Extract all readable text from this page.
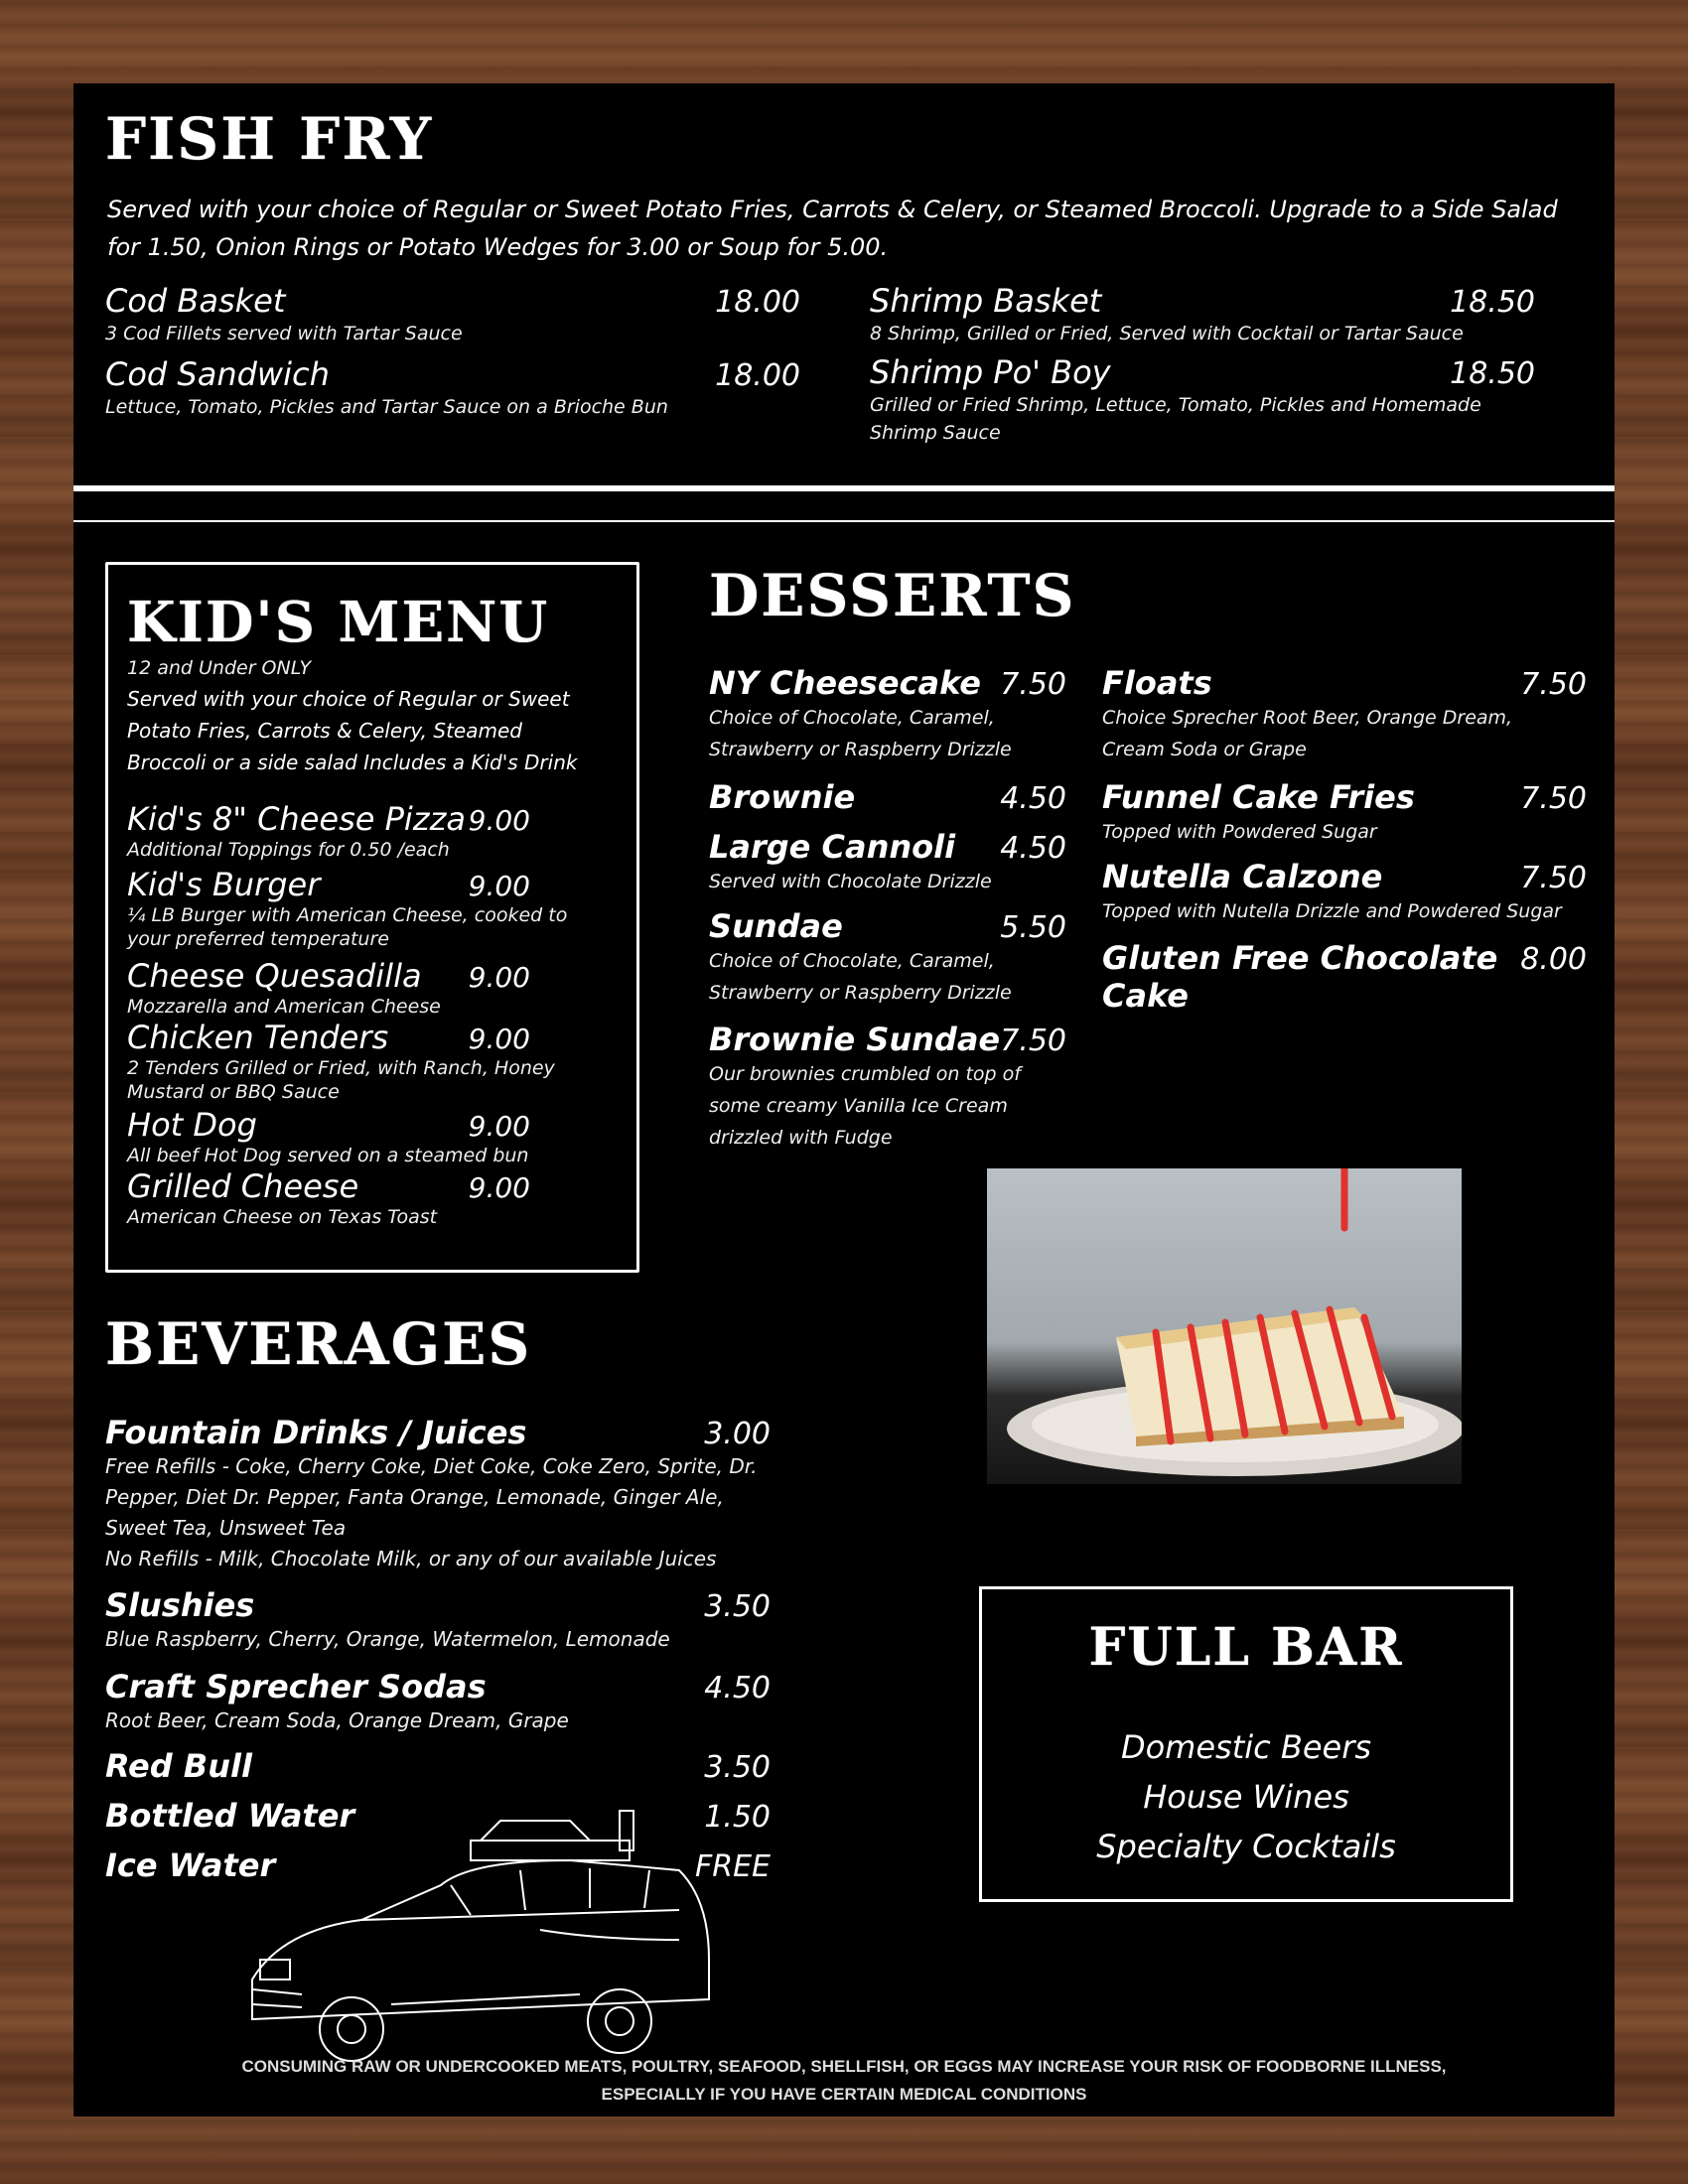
FISH FRY
Served with your choice of Regular or Sweet Potato Fries, Carrots & Celery, or Steamed Broccoli. Upgrade to a Side Salad for 1.50, Onion Rings or Potato Wedges for 3.00 or Soup for 5.00.
Cod Basket	18.00
3 Cod Fillets served with Tartar Sauce
Cod Sandwich	18.00
Lettuce, Tomato, Pickles and Tartar Sauce on a Brioche Bun
Shrimp Basket	18.50
8 Shrimp, Grilled or Fried, Served with Cocktail or Tartar Sauce
Shrimp Po' Boy	18.50
Grilled or Fried Shrimp, Lettuce, Tomato, Pickles and Homemade Shrimp Sauce
KID'S MENU
12 and Under ONLY
Served with your choice of Regular or Sweet Potato Fries, Carrots & Celery, Steamed Broccoli or a side salad Includes a Kid's Drink
Kid's 8" Cheese Pizza 9.00
Additional Toppings for 0.50 /each
Kid's Burger	9.00
¼ LB Burger with American Cheese, cooked to your preferred temperature
Cheese Quesadilla 9.00
Mozzarella and American Cheese
Chicken Tenders	9.00
2 Tenders Grilled or Fried, with Ranch, Honey Mustard or BBQ Sauce
Hot Dog	9.00
All beef Hot Dog served on a steamed bun
Grilled Cheese	9.00
American Cheese on Texas Toast
DESSERTS
NY Cheesecake 7.50
Choice of Chocolate, Caramel, Strawberry or Raspberry Drizzle
Brownie	4.50
Large Cannoli 4.50
Served with Chocolate Drizzle
Sundae	5.50
Choice of Chocolate, Caramel, Strawberry or Raspberry Drizzle
Brownie Sundae 7.50
Our brownies crumbled on top of some creamy Vanilla Ice Cream drizzled with Fudge
Floats	7.50
Choice Sprecher Root Beer, Orange Dream, Cream Soda or Grape
Funnel Cake Fries	7.50
Topped with Powdered Sugar
Nutella Calzone	7.50
Topped with Nutella Drizzle and Powdered Sugar
Gluten Free Chocolate Cake
8.00
BEVERAGES
Fountain Drinks / Juices	3.00
Free Refills - Coke, Cherry Coke, Diet Coke, Coke Zero, Sprite, Dr. Pepper, Diet Dr. Pepper, Fanta Orange, Lemonade, Ginger Ale, Sweet Tea, Unsweet Tea
No Refills - Milk, Chocolate Milk, or any of our available Juices
Slushies	3.50
Blue Raspberry, Cherry, Orange, Watermelon, Lemonade
Craft Sprecher Sodas	4.50
Root Beer, Cream Soda, Orange Dream, Grape
Red Bull	3.50
Bottled Water	1.50
Ice Water	FREE
FULL BAR
Domestic Beers
House Wines
Specialty Cocktails
CONSUMING RAW OR UNDERCOOKED MEATS, POULTRY, SEAFOOD, SHELLFISH, OR EGGS MAY INCREASE YOUR RISK OF FOODBORNE ILLNESS,
ESPECIALLY IF YOU HAVE CERTAIN MEDICAL CONDITIONS
